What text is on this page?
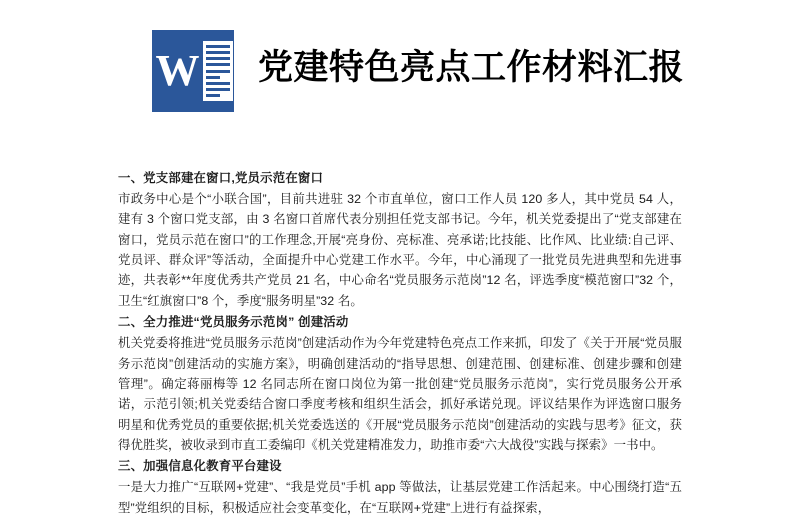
W 党建特色亮点工作材料汇报

一、党支部建在窗口,党员示范在窗口

市政务中心是个“小联合国”，目前共进驻 32 个市直单位，窗口工作人员 120 多人，其中党员 54 人，建有 3 个窗口党支部，由 3 名窗口首席代表分别担任党支部书记。今年，机关党委提出了“党支部建在窗口，党员示范在窗口”的工作理念,开展“亮身份、亮标准、亮承诺;比技能、比作风、比业绩:自己评、党员评、群众评”等活动，全面提升中心党建工作水平。今年，中心涌现了一批党员先进典型和先进事迹，共表彰**年度优秀共产党员 21 名，中心命名“党员服务示范岗”12 名，评选季度“模范窗口”32 个，卫生“红旗窗口”8 个，季度“服务明星”32 名。

二、全力推进“党员服务示范岗” 创建活动

机关党委将推进“党员服务示范岗”创建活动作为今年党建特色亮点工作来抓，印发了《关于开展“党员服务示范岗”创建活动的实施方案》，明确创建活动的“指导思想、创建范围、创建标准、创建步骤和创建管理”。确定蒋丽梅等 12 名同志所在窗口岗位为第一批创建“党员服务示范岗”，实行党员服务公开承诺，示范引领;机关党委结合窗口季度考核和组织生活会，抓好承诺兑现。评议结果作为评选窗口服务明星和优秀党员的重要依据;机关党委选送的《开展“党员服务示范岗”创建活动的实践与思考》征文，获得优胜奖，被收录到市直工委编印《机关党建精准发力，助推市委“六大战役”实践与探索》一书中。

三、加强信息化教育平台建设

一是大力推广“互联网+党建”、“我是党员”手机 app 等做法，让基层党建工作活起来。中心围绕打造“五型”党组织的目标，积极适应社会变革变化，在“互联网+党建”上进行有益探索，
